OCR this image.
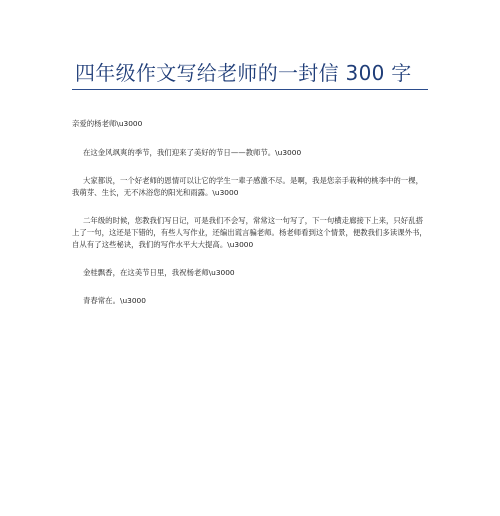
四年级作文写给老师的一封信 300 字

亲爱的杨老师\u3000

在这金风飒爽的季节，我们迎来了美好的节日——教师节。\u3000

大家都说，一个好老师的恩情可以让它的学生一辈子感激不尽。是啊，我是您亲手栽种的桃李中的一棵，我萌芽、生长，无不沐浴您的阳光和雨露。\u3000

二年级的时候，您教我们写日记，可是我们不会写，常常这一句写了，下一句横走廊接下上来，只好乱搭上了一句，这还是下错的，有些人写作业，还编出谎言骗老师。杨老师看到这个情景，便教我们多读课外书，自从有了这些秘诀，我们的写作水平大大提高。\u3000

金桂飘香，在这美节日里，我祝杨老师\u3000

青春常在。\u3000
